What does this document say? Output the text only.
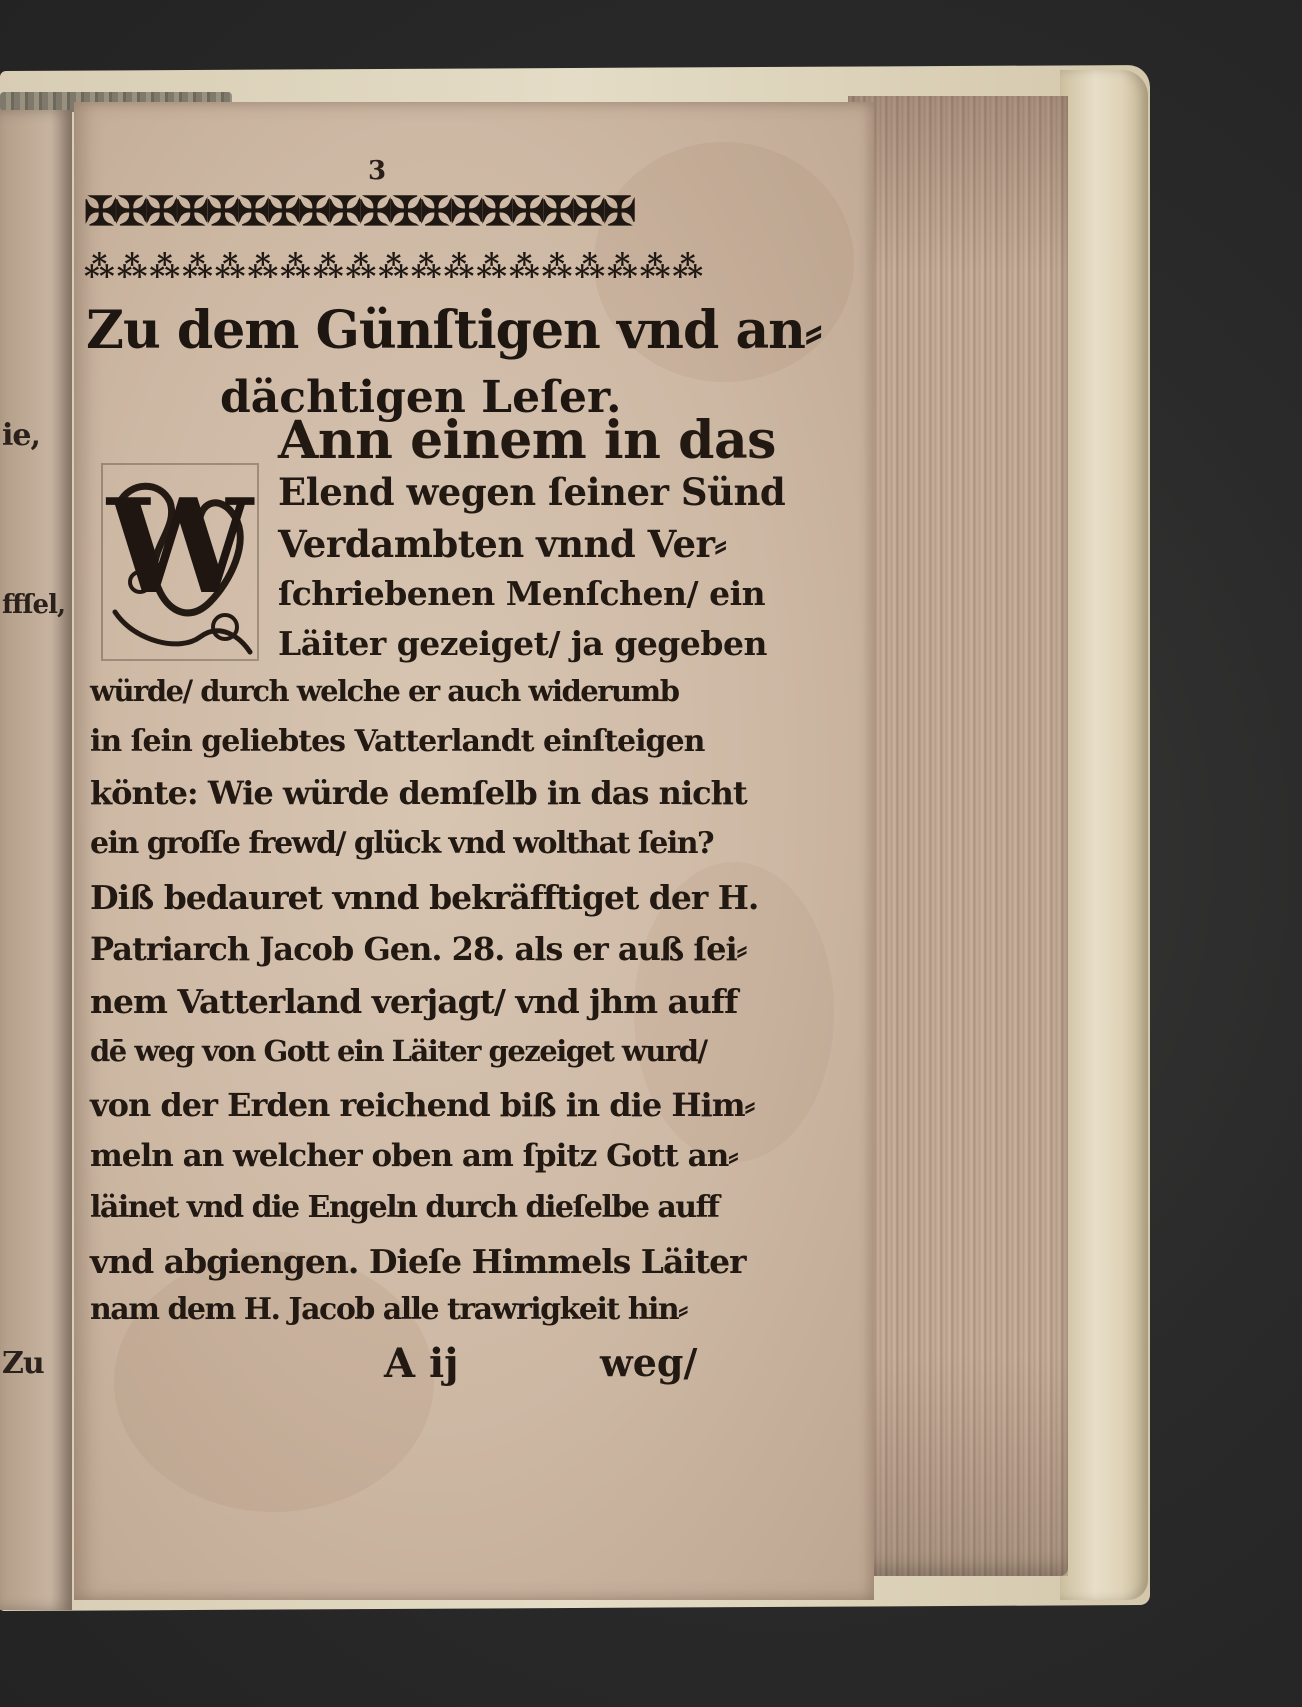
ie,
ffſel,
Zu
3
✠✠✠✠✠✠✠✠✠✠✠✠✠✠✠✠✠✠
⁂⁂⁂⁂⁂⁂⁂⁂⁂⁂⁂⁂⁂⁂⁂⁂⁂⁂⁂
Zu dem Günſtigen vnd an⸗
dächtigen Leſer.
W
Ann einem in das
Elend wegen ſeiner Sünd
Verdambten vnnd Ver⸗
ſchriebenen Menſchen/ ein
Läiter gezeiget/ ja gegeben
würde/ durch welche er auch widerumb
in ſein geliebtes Vatterlandt einſteigen
könte: Wie würde demſelb in das nicht
ein groſſe frewd/ glück vnd wolthat ſein?
Diß bedauret vnnd bekräfftiget der H.
Patriarch Jacob Gen. 28. als er auß ſei⸗
nem Vatterland verjagt/ vnd jhm auff
dē weg von Gott ein Läiter gezeiget wurd/
von der Erden reichend biß in die Him⸗
meln an welcher oben am ſpitz Gott an⸗
läinet vnd die Engeln durch dieſelbe auff
vnd abgiengen. Dieſe Himmels Läiter
nam dem H. Jacob alle trawrigkeit hin⸗
A ij	weg/
